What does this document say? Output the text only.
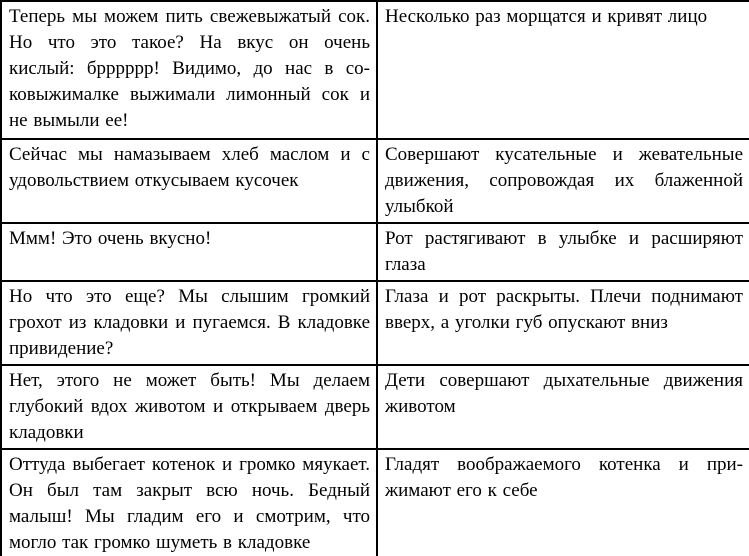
Теперь мы можем пить свежевыжатый сок. Но что это такое? На вкус он очень кислый: брррррр! Видимо, до нас в соковыжималке выжимали лимонный сок и не вымыли ее!	Несколько раз морщатся и кривят лицо
Сейчас мы намазываем хлеб маслом и с удовольствием откусываем кусочек	Совершают кусательные и жевательные движения, сопровождая их блаженной улыбкой
Ммм! Это очень вкусно!	Рот растягивают в улыбке и расширяют глаза
Но что это еще? Мы слышим громкий грохот из кладовки и пугаемся. В кладовке привидение?	Глаза и рот раскрыты. Плечи поднимают вверх, а уголки губ опускают вниз
Нет, этого не может быть! Мы делаем глубокий вдох животом и открываем дверь кладовки	Дети совершают дыхательные движения животом
Оттуда выбегает котенок и громко мяукает. Он был там закрыт всю ночь. Бедный малыш! Мы гладим его и смотрим, что могло так громко шуметь в кладовке	Гладят воображаемого котенка и прижимают его к себе
